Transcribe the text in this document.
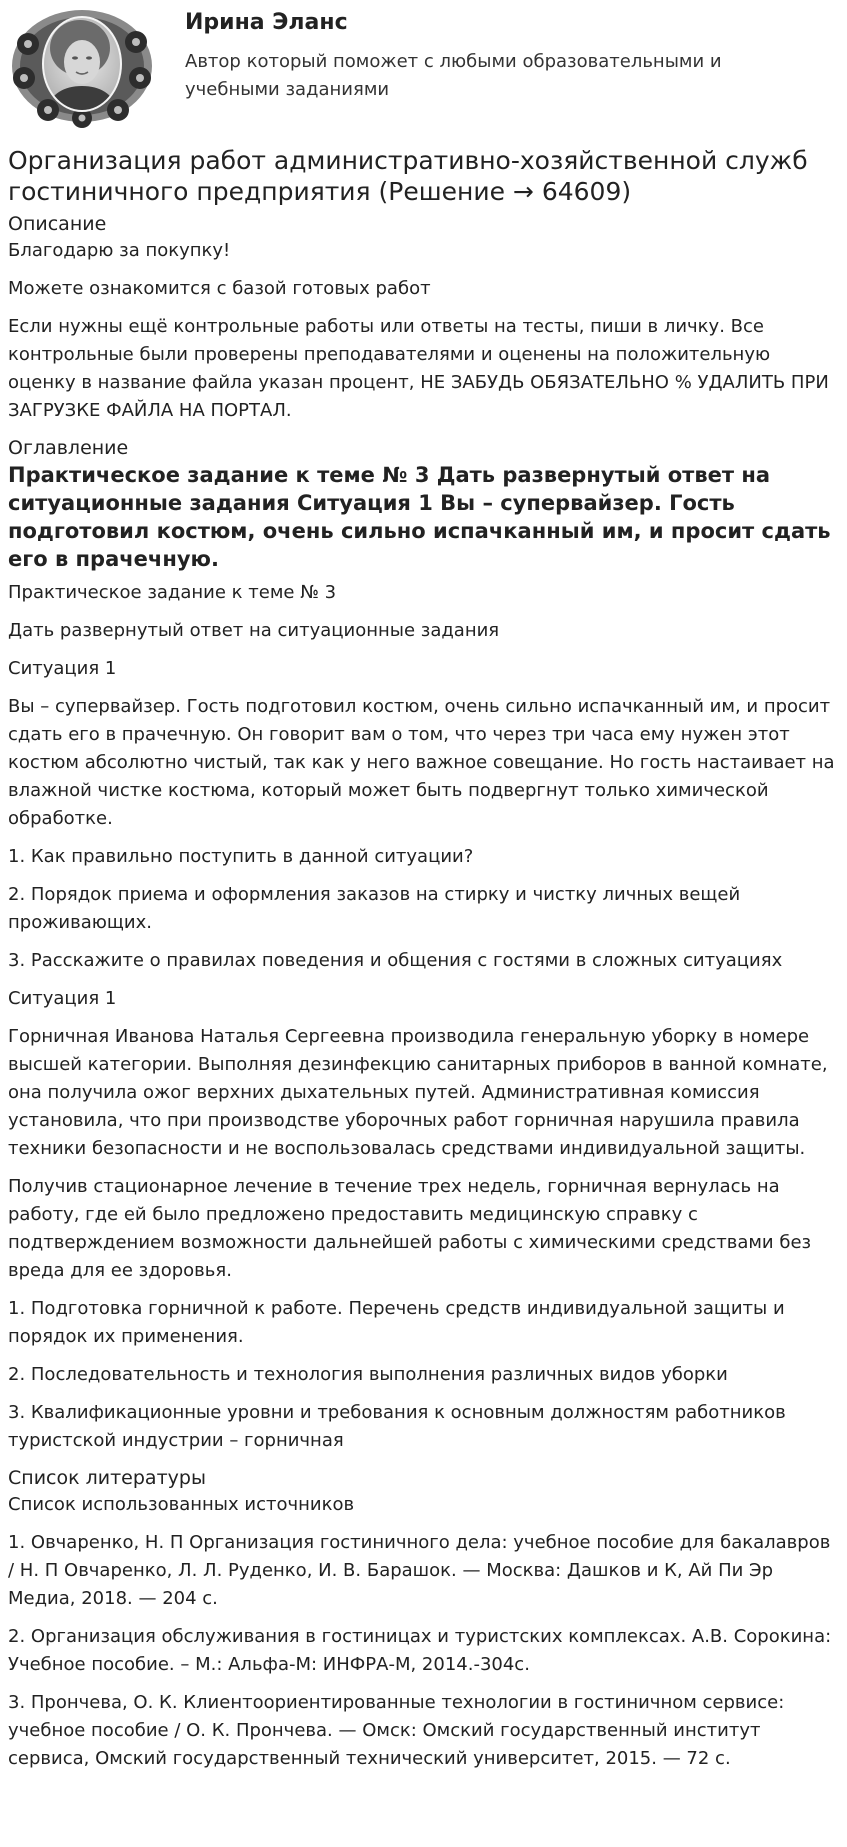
Ирина Эланс

Автор который поможет с любыми образовательными и учебными заданиями

Организация работ административно-хозяйственной служб гостиничного предприятия (Решение → 64609)
Описание

Благодарю за покупку!

Можете ознакомится с базой готовых работ

Если нужны ещё контрольные работы или ответы на тесты, пиши в личку. Все контрольные были проверены преподавателями и оценены на положительную оценку в название файла указан процент, НЕ ЗАБУДЬ ОБЯЗАТЕЛЬНО % УДАЛИТЬ ПРИ ЗАГРУЗКЕ ФАЙЛА НА ПОРТАЛ.

Оглавление
Практическое задание к теме № 3 Дать развернутый ответ на ситуационные задания Ситуация 1 Вы – супервайзер. Гость подготовил костюм, очень сильно испачканный им, и просит сдать его в прачечную.

Практическое задание к теме № 3

Дать развернутый ответ на ситуационные задания

Ситуация 1

Вы – супервайзер. Гость подготовил костюм, очень сильно испачканный им, и просит сдать его в прачечную. Он говорит вам о том, что через три часа ему нужен этот костюм абсолютно чистый, так как у него важное совещание. Но гость настаивает на влажной чистке костюма, который может быть подвергнут только химической обработке.

1. Как правильно поступить в данной ситуации?

2. Порядок приема и оформления заказов на стирку и чистку личных вещей проживающих.

3. Расскажите о правилах поведения и общения с гостями в сложных ситуациях

Ситуация 1

Горничная Иванова Наталья Сергеевна производила генеральную уборку в номере высшей категории. Выполняя дезинфекцию санитарных приборов в ванной комнате, она получила ожог верхних дыхательных путей. Административная комиссия установила, что при производстве уборочных работ горничная нарушила правила техники безопасности и не воспользовалась средствами индивидуальной защиты.

Получив стационарное лечение в течение трех недель, горничная вернулась на работу, где ей было предложено предоставить медицинскую справку с подтверждением возможности дальнейшей работы с химическими средствами без вреда для ее здоровья.

1. Подготовка горничной к работе. Перечень средств индивидуальной защиты и порядок их применения.

2. Последовательность и технология выполнения различных видов уборки

3. Квалификационные уровни и требования к основным должностям работников туристской индустрии – горничная

Список литературы

Список использованных источников

1. Овчаренко, Н. П Организация гостиничного дела: учебное пособие для бакалавров / Н. П Овчаренко, Л. Л. Руденко, И. В. Барашок. — Москва: Дашков и К, Ай Пи Эр Медиа, 2018. — 204 с.

2. Организация обслуживания в гостиницах и туристских комплексах. А.В. Сорокина: Учебное пособие. – М.: Альфа-М: ИНФРА-М, 2014.-304с.

3. Прончева, О. К. Клиентоориентированные технологии в гостиничном сервисе: учебное пособие / О. К. Прончева. — Омск: Омский государственный институт сервиса, Омский государственный технический университет, 2015. — 72 с.
